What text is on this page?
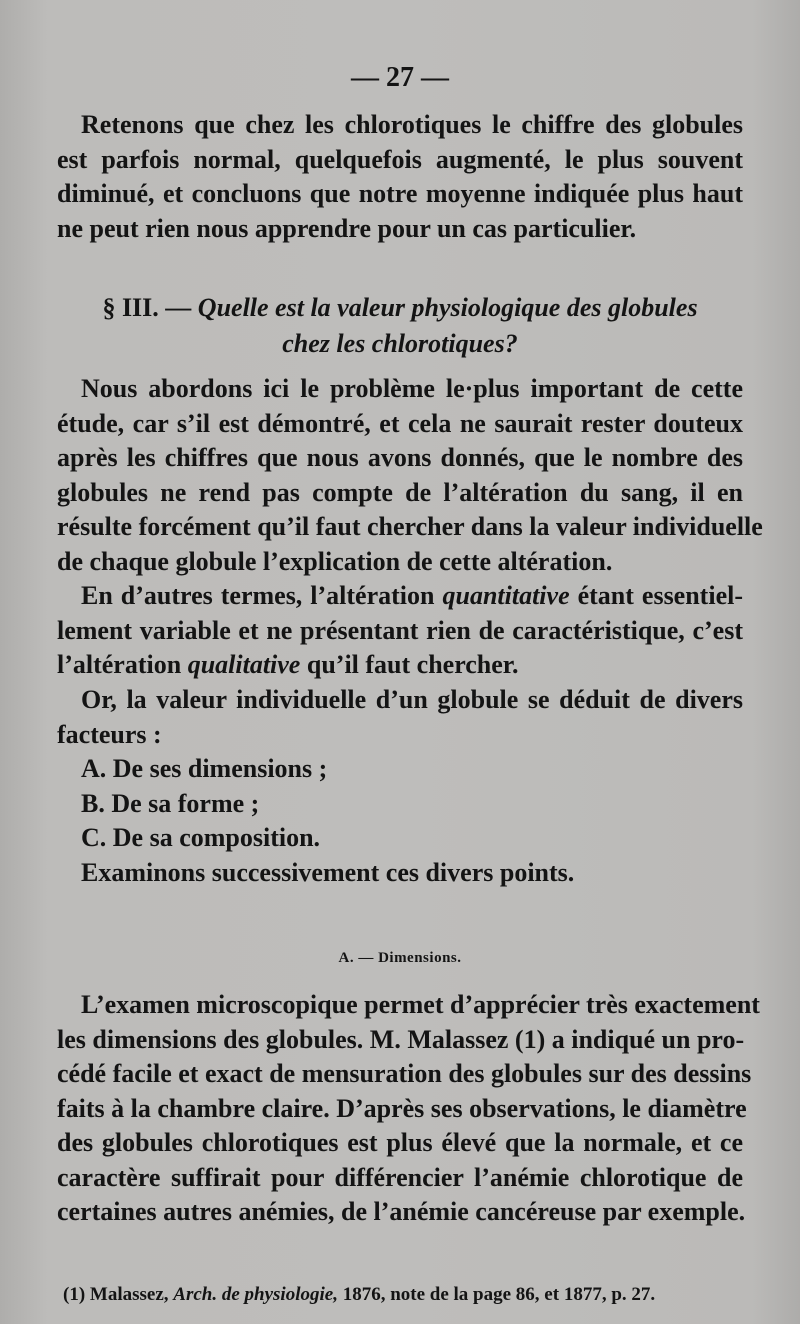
— 27 —
Retenons que chez les chlorotiques le chiffre des globules
est parfois normal, quelquefois augmenté, le plus souvent
diminué, et concluons que notre moyenne indiquée plus haut
ne peut rien nous apprendre pour un cas particulier.
§ III. — Quelle est la valeur physiologique des globules
chez les chlorotiques?
Nous abordons ici le problème le·plus important de cette
étude, car s’il est démontré, et cela ne saurait rester douteux
après les chiffres que nous avons donnés, que le nombre des
globules ne rend pas compte de l’altération du sang, il en
résulte forcément qu’il faut chercher dans la valeur individuelle
de chaque globule l’explication de cette altération.
En d’autres termes, l’altération quantitative étant essentiel-
lement variable et ne présentant rien de caractéristique, c’est
l’altération qualitative qu’il faut chercher.
Or, la valeur individuelle d’un globule se déduit de divers
facteurs :
A. De ses dimensions ;
B. De sa forme ;
C. De sa composition.
Examinons successivement ces divers points.
A. — Dimensions.
L’examen microscopique permet d’apprécier très exactement
les dimensions des globules. M. Malassez (1) a indiqué un pro-
cédé facile et exact de mensuration des globules sur des dessins
faits à la chambre claire. D’après ses observations, le diamètre
des globules chlorotiques est plus élevé que la normale, et ce
caractère suffirait pour différencier l’anémie chlorotique de
certaines autres anémies, de l’anémie cancéreuse par exemple.
(1) Malassez, Arch. de physiologie, 1876, note de la page 86, et 1877, p. 27.
